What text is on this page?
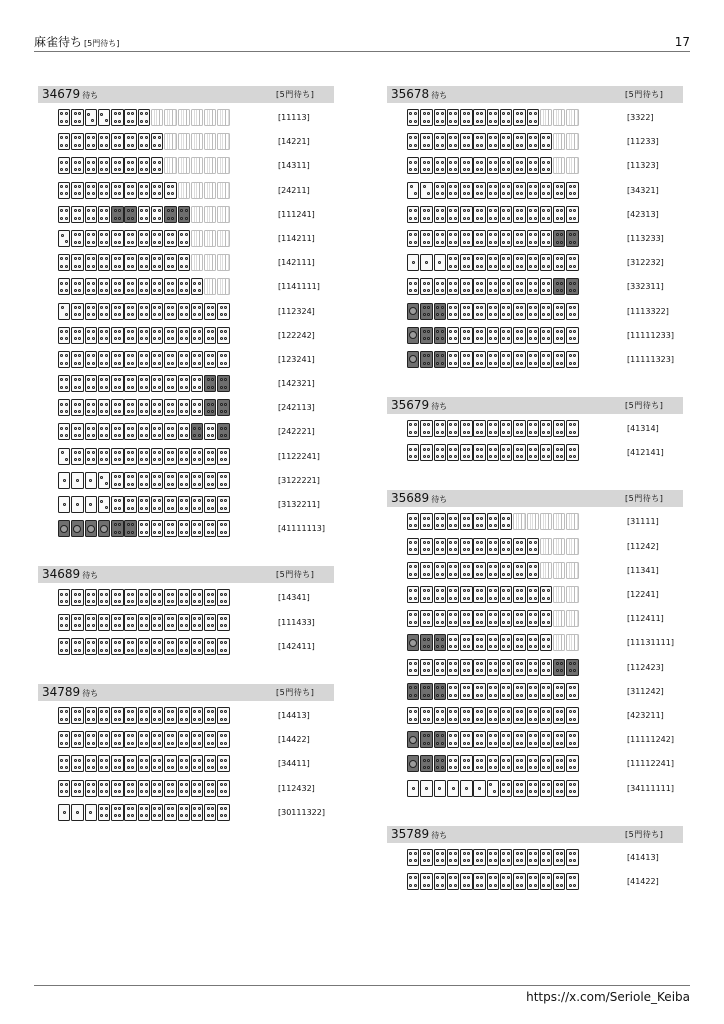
麻雀待ち [5門待ち]	17
34679 待ち	[5門待ち]
[11113]
[14221]
[14311]
[24211]
[111241]
[114211]
[142111]
[1141111]
[112324]
[122242]
[123241]
[142321]
[242113]
[242221]
[1122241]
[3122221]
[3132211]
[41111113]
34689 待ち	[5門待ち]
[14341]
[111433]
[142411]
34789 待ち	[5門待ち]
[14413]
[14422]
[34411]
[112432]
[30111322]
35678 待ち	[5門待ち]
[3322]
[11233]
[11323]
[34321]
[42313]
[113233]
[312232]
[332311]
[1113322]
[11111233]
[11111323]
35679 待ち	[5門待ち]
[41314]
[412141]
35689 待ち	[5門待ち]
[31111]
[11242]
[11341]
[12241]
[112411]
[11131111]
[112423]
[311242]
[423211]
[11111242]
[11112241]
[34111111]
35789 待ち	[5門待ち]
[41413]
[41422]
https://x.com/Seriole_Keiba
